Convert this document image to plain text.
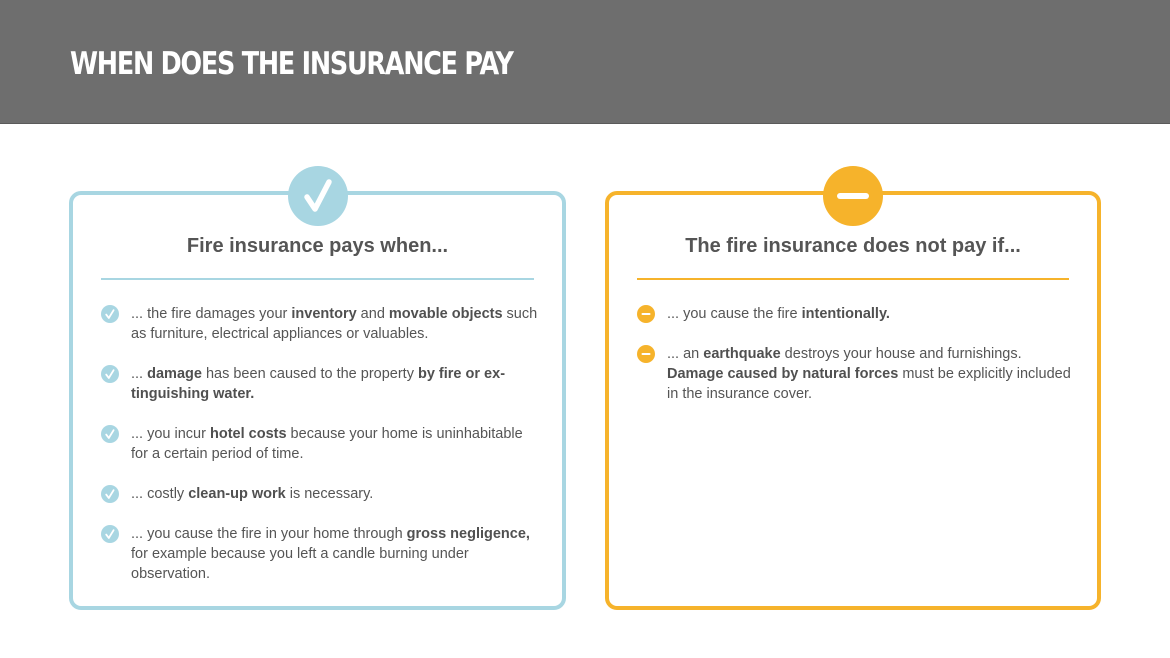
WHEN DOES THE INSURANCE PAY
Fire insurance pays when...
... the fire damages your inventory and movable objects such as furniture, electrical appliances or valuables.
... damage has been caused to the property by fire or extinguishing water.
... you incur hotel costs because your home is uninhabitable for a certain period of time.
... costly clean-up work is necessary.
... you cause the fire in your home through gross negligence, for example because you left a candle burning under observation.
The fire insurance does not pay if...
... you cause the fire intentionally.
... an earthquake destroys your house and furnishings. Damage caused by natural forces must be explicitly included in the insurance cover.
